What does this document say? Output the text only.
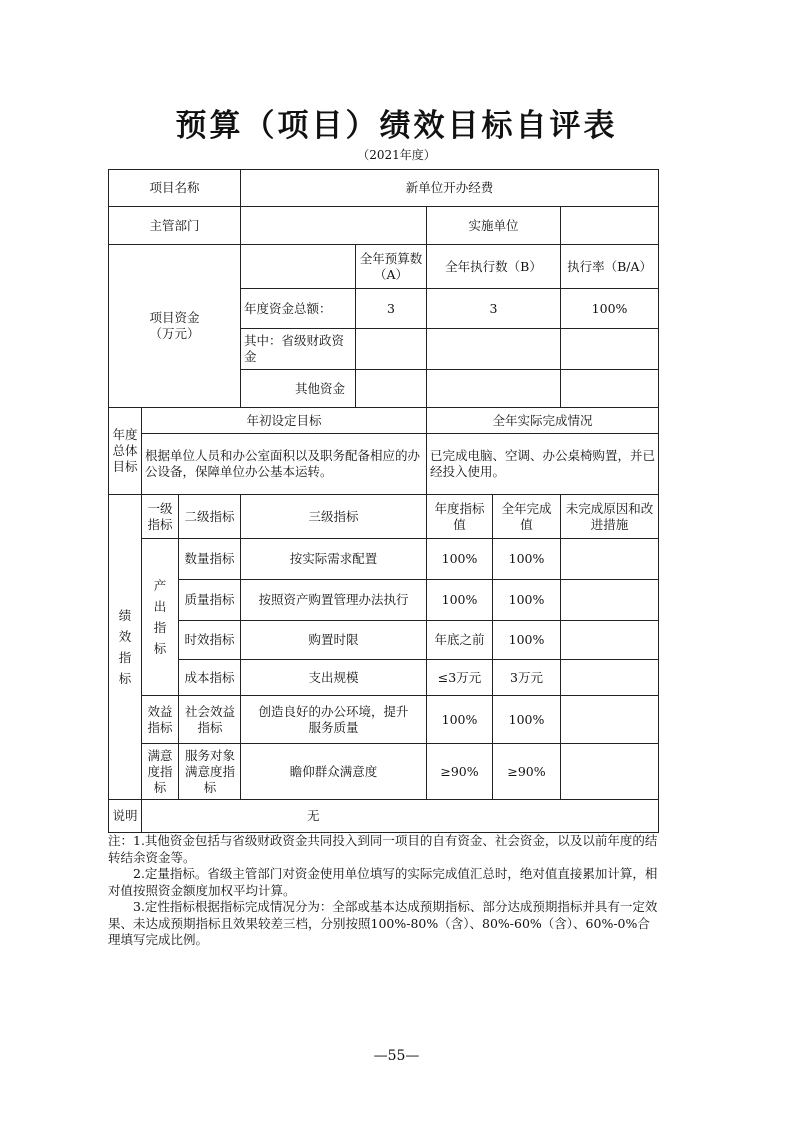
预算（项目）绩效目标自评表
（2021年度）
项目名称			新单位开办经费				
主管部门					实施单位		

项目资金（万元）				全年预算数（A）	全年执行数（B）		执行率（B/A）
			年度资金总额：	3	3		100%
			其中：省级财政资金				
			其他资金				

年度总体目标	年初设定目标				全年实际完成情况		
	根据单位人员和办公室面积以及职务配备相应的办公设备，保障单位办公基本运转。				已完成电脑、空调、办公桌椅购置，并已经投入使用。		

绩效指标	一级指标	二级指标	三级指标		年度指标值	全年完成值	未完成原因和改进措施

	产出指标	数量指标	按实际需求配置		100%	100%	
		质量指标	按照资产购置管理办法执行		100%	100%	
		时效指标	购置时限		年底之前	100%	
		成本指标	支出规模		≤3万元	3万元	

	效益指标	社会效益指标	创造良好的办公环境，提升服务质量		100%	100%	

	满意度指标	服务对象满意度指标	瞻仰群众满意度		≥90%	≥90%	
说明	无						

注：1.其他资金包括与省级财政资金共同投入到同一项目的自有资金、社会资金，以及以前年度的结转结余资金等。

2.定量指标。省级主管部门对资金使用单位填写的实际完成值汇总时，绝对值直接累加计算，相对值按照资金额度加权平均计算。

3.定性指标根据指标完成情况分为：全部或基本达成预期指标、部分达成预期指标并具有一定效果、未达成预期指标且效果较差三档，分别按照100%-80%（含）、80%-60%（含）、60%-0%合理填写完成比例。

—55—
